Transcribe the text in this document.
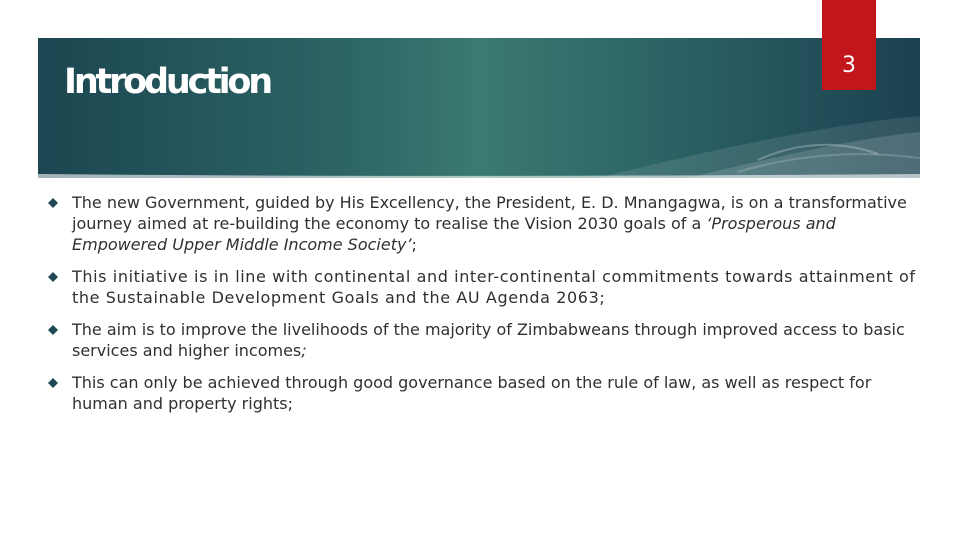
Introduction	3
The new Government, guided by His Excellency, the President, E. D. Mnangagwa, is on a transformative journey aimed at re-building the economy to realise the Vision 2030 goals of a ‘Prosperous and Empowered Upper Middle Income Society’;
This initiative is in line with continental and inter-continental commitments towards attainment of the Sustainable Development Goals and the AU Agenda 2063;
The aim is to improve the livelihoods of the majority of Zimbabweans through improved access to basic services and higher incomes;
This can only be achieved through good governance based on the rule of law, as well as respect for human and property rights;
